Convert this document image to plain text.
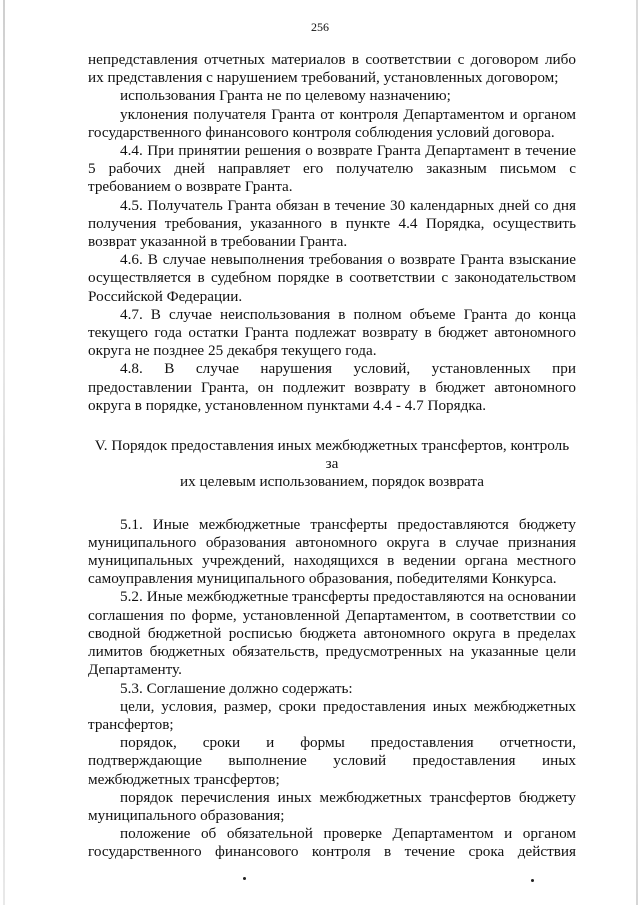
256

непредставления отчетных материалов в соответствии с договором либо их представления с нарушением требований, установленных договором;

использования Гранта не по целевому назначению;

уклонения получателя Гранта от контроля Департаментом и органом государственного финансового контроля соблюдения условий договора.

4.4. При принятии решения о возврате Гранта Департамент в течение 5 рабочих дней направляет его получателю заказным письмом с требованием о возврате Гранта.

4.5. Получатель Гранта обязан в течение 30 календарных дней со дня получения требования, указанного в пункте 4.4 Порядка, осуществить возврат указанной в требовании Гранта.

4.6. В случае невыполнения требования о возврате Гранта взыскание осуществляется в судебном порядке в соответствии с законодательством Российской Федерации.

4.7. В случае неиспользования в полном объеме Гранта до конца текущего года остатки Гранта подлежат возврату в бюджет автономного округа не позднее 25 декабря текущего года.

4.8. В случае нарушения условий, установленных при предоставлении Гранта, он подлежит возврату в бюджет автономного округа в порядке, установленном пунктами 4.4 - 4.7 Порядка.

V. Порядок предоставления иных межбюджетных трансфертов, контроль за
их целевым использованием, порядок возврата

5.1. Иные межбюджетные трансферты предоставляются бюджету муниципального образования автономного округа в случае признания муниципальных учреждений, находящихся в ведении органа местного самоуправления муниципального образования, победителями Конкурса.

5.2. Иные межбюджетные трансферты предоставляются на основании соглашения по форме, установленной Департаментом, в соответствии со сводной бюджетной росписью бюджета автономного округа в пределах лимитов бюджетных обязательств, предусмотренных на указанные цели Департаменту.

5.3. Соглашение должно содержать:

цели, условия, размер, сроки предоставления иных межбюджетных трансфертов;

порядок, сроки и формы предоставления отчетности, подтверждающие выполнение условий предоставления иных межбюджетных трансфертов;

порядок перечисления иных межбюджетных трансфертов бюджету муниципального образования;

положение об обязательной проверке Департаментом и органом государственного финансового контроля в течение срока действия
